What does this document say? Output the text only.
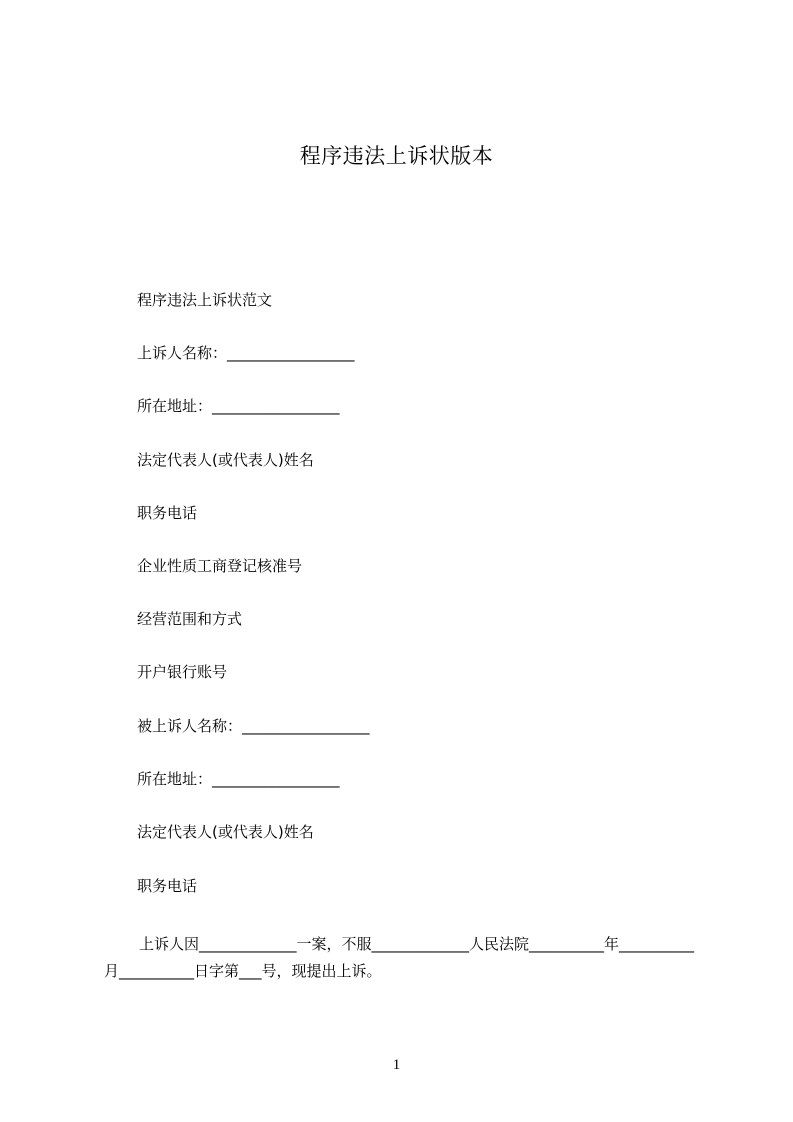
程序违法上诉状版本
程序违法上诉状范文
上诉人名称：_________________
所在地址：_________________
法定代表人(或代表人)姓名
职务电话
企业性质工商登记核准号
经营范围和方式
开户银行账号
被上诉人名称：_________________
所在地址：_________________
法定代表人(或代表人)姓名
职务电话
上诉人因_____________一案，不服_____________人民法院__________年__________月__________日字第___号，现提出上诉。
1
